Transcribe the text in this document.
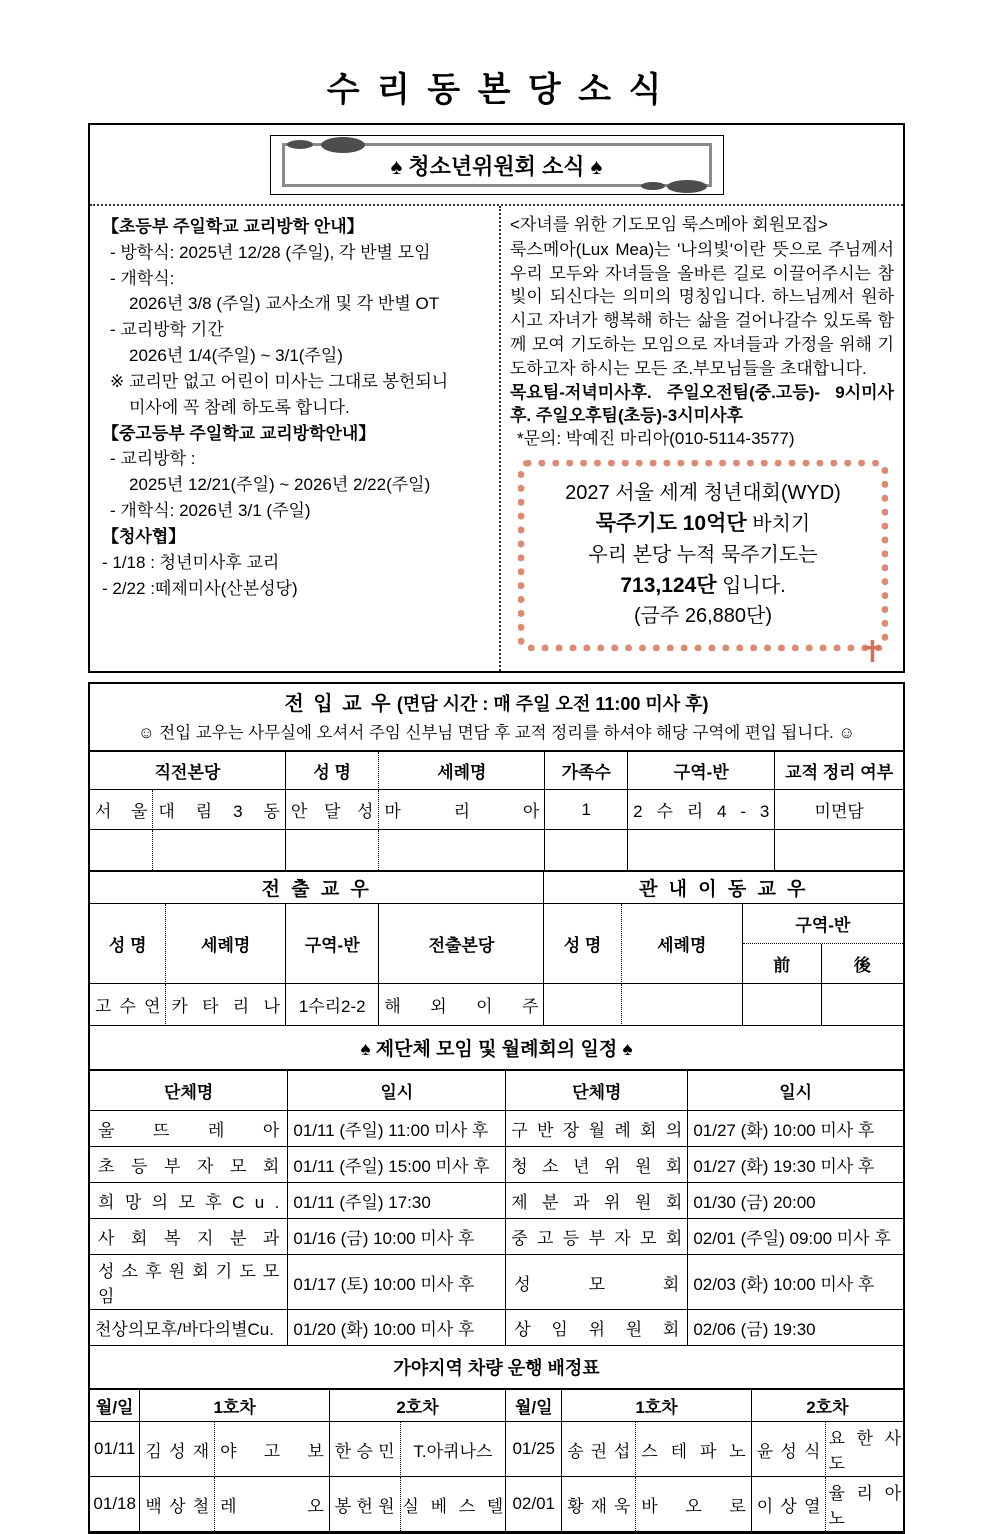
수 리 동 본 당 소 식
♠ 청소년위원회 소식 ♠
【초등부 주일학교 교리방학 안내】
- 방학식: 2025년 12/28 (주일), 각 반별 모임
- 개학식:
2026년 3/8 (주일) 교사소개 및 각 반별 OT
- 교리방학 기간
2026년 1/4(주일) ~ 3/1(주일)
※ 교리만 없고 어린이 미사는 그대로 봉헌되니
미사에 꼭 참례 하도록 합니다.
【중고등부 주일학교 교리방학안내】
- 교리방학 :
2025년 12/21(주일) ~ 2026년 2/22(주일)
- 개학식: 2026년 3/1 (주일)
【청사협】
- 1/18 : 청년미사후 교리
- 2/22 :떼제미사(산본성당)
<자녀를 위한 기도모임 룩스메아 회원모집>
룩스메아(Lux Mea)는 '나의빛'이란 뜻으로 주님께서 우리 모두와 자녀들을 올바른 길로 이끌어주시는 참빛이 되신다는 의미의 명칭입니다. 하느님께서 원하시고 자녀가 행복해 하는 삶을 걸어나갈수 있도록 함께 모여 기도하는 모임으로 자녀들과 가정을 위해 기도하고자 하시는 모든 조.부모님들을 초대합니다.
목요팀-저녁미사후. 주일오전팀(중.고등)- 9시미사후. 주일오후팀(초등)-3시미사후
*문의: 박예진 마리아(010-5114-3577)
2027 서울 세계 청년대회(WYD)
묵주기도 10억단 바치기
우리 본당 누적 묵주기도는
713,124단 입니다.
(금주 26,880단)
✝
전 입 교 우 (면담 시간 : 매 주일 오전 11:00 미사 후)
☺ 전입 교우는 사무실에 오셔서 주임 신부님 면담 후 교적 정리를 하셔야 해당 구역에 편입 됩니다. ☺
직전본당		성 명	세례명	가족수	구역-반	교적 정리 여부
서 울	대 림 3 동	안 달 성	마 리 아	1	2 수 리 4 - 3	미면담

전 출 교 우				관 내 이 동 교 우			
성 명	세례명	구역-반	전출본당	성 명	세례명	구역-반	
						前	後
고 수 연	카 타 리 나	1수리2-2	해 외 이 주				
♠ 제단체 모임 및 월례회의 일정 ♠
단체명	일시	단체명	일시
울 뜨 레 아	01/11 (주일) 11:00 미사 후	구 반 장 월 례 회 의	01/27 (화) 10:00 미사 후
초 등 부 자 모 회	01/11 (주일) 15:00 미사 후	청 소 년 위 원 회	01/27 (화) 19:30 미사 후
희 망 의 모 후 C u .	01/11 (주일) 17:30	제 분 과 위 원 회	01/30 (금) 20:00
사 회 복 지 분 과	01/16 (금) 10:00 미사 후	중 고 등 부 자 모 회	02/01 (주일) 09:00 미사 후
성 소 후 원 회 기 도 모 임	01/17 (토) 10:00 미사 후	성 모 회	02/03 (화) 10:00 미사 후
천상의모후/바다의별Cu.	01/20 (화) 10:00 미사 후	상 임 위 원 회	02/06 (금) 19:30
가야지역 차량 운행 배정표
월/일	1호차		2호차		월/일	1호차		2호차	
01/11	김 성 재	야 고 보	한 승 민	T.아퀴나스	01/25	송 권 섭	스 테 파 노	윤 성 식	요 한 사 도
01/18	백 상 철	레 오	봉 헌 원	실 베 스 텔	02/01	황 재 욱	바 오 로	이 상 열	율 리 아 노
